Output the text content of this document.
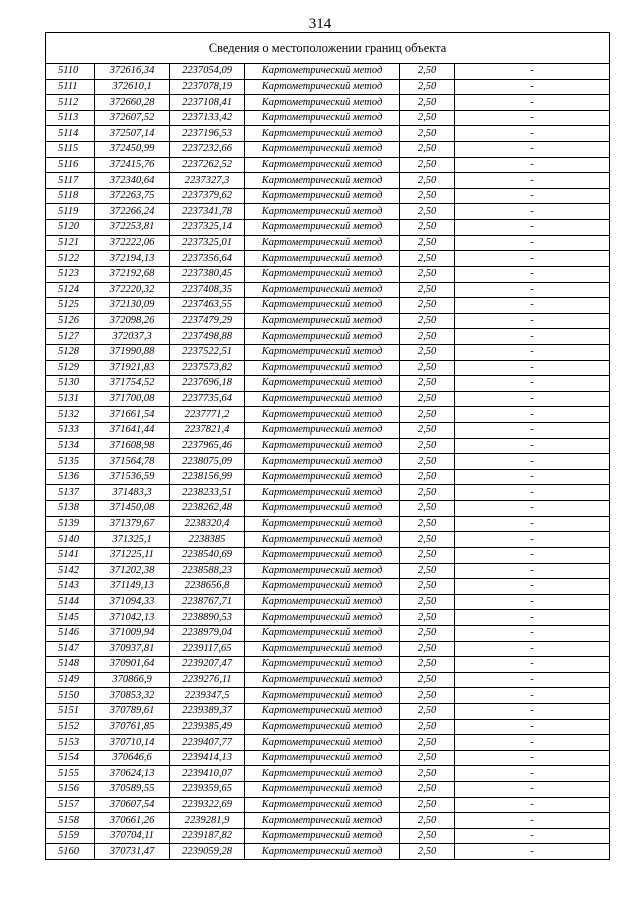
314
Сведения о местоположении границ объекта					
5110	372616,34	2237054,09	Картометрический метод	2,50	-
5111	372610,1	2237078,19	Картометрический метод	2,50	-
5112	372660,28	2237108,41	Картометрический метод	2,50	-
5113	372607,52	2237133,42	Картометрический метод	2,50	-
5114	372507,14	2237196,53	Картометрический метод	2,50	-
5115	372450,99	2237232,66	Картометрический метод	2,50	-
5116	372415,76	2237262,52	Картометрический метод	2,50	-
5117	372340,64	2237327,3	Картометрический метод	2,50	-
5118	372263,75	2237379,62	Картометрический метод	2,50	-
5119	372266,24	2237341,78	Картометрический метод	2,50	-
5120	372253,81	2237325,14	Картометрический метод	2,50	-
5121	372222,06	2237325,01	Картометрический метод	2,50	-
5122	372194,13	2237356,64	Картометрический метод	2,50	-
5123	372192,68	2237380,45	Картометрический метод	2,50	-
5124	372220,32	2237408,35	Картометрический метод	2,50	-
5125	372130,09	2237463,55	Картометрический метод	2,50	-
5126	372098,26	2237479,29	Картометрический метод	2,50	-
5127	372037,3	2237498,88	Картометрический метод	2,50	-
5128	371990,88	2237522,51	Картометрический метод	2,50	-
5129	371921,83	2237573,82	Картометрический метод	2,50	-
5130	371754,52	2237696,18	Картометрический метод	2,50	-
5131	371700,08	2237735,64	Картометрический метод	2,50	-
5132	371661,54	2237771,2	Картометрический метод	2,50	-
5133	371641,44	2237821,4	Картометрический метод	2,50	-
5134	371608,98	2237965,46	Картометрический метод	2,50	-
5135	371564,78	2238075,09	Картометрический метод	2,50	-
5136	371536,59	2238156,99	Картометрический метод	2,50	-
5137	371483,3	2238233,51	Картометрический метод	2,50	-
5138	371450,08	2238262,48	Картометрический метод	2,50	-
5139	371379,67	2238320,4	Картометрический метод	2,50	-
5140	371325,1	2238385	Картометрический метод	2,50	-
5141	371225,11	2238540,69	Картометрический метод	2,50	-
5142	371202,38	2238588,23	Картометрический метод	2,50	-
5143	371149,13	2238656,8	Картометрический метод	2,50	-
5144	371094,33	2238767,71	Картометрический метод	2,50	-
5145	371042,13	2238890,53	Картометрический метод	2,50	-
5146	371009,94	2238979,04	Картометрический метод	2,50	-
5147	370937,81	2239117,65	Картометрический метод	2,50	-
5148	370901,64	2239207,47	Картометрический метод	2,50	-
5149	370866,9	2239276,11	Картометрический метод	2,50	-
5150	370853,32	2239347,5	Картометрический метод	2,50	-
5151	370789,61	2239389,37	Картометрический метод	2,50	-
5152	370761,85	2239385,49	Картометрический метод	2,50	-
5153	370710,14	2239407,77	Картометрический метод	2,50	-
5154	370646,6	2239414,13	Картометрический метод	2,50	-
5155	370624,13	2239410,07	Картометрический метод	2,50	-
5156	370589,55	2239359,65	Картометрический метод	2,50	-
5157	370607,54	2239322,69	Картометрический метод	2,50	-
5158	370661,26	2239281,9	Картометрический метод	2,50	-
5159	370704,11	2239187,82	Картометрический метод	2,50	-
5160	370731,47	2239059,28	Картометрический метод	2,50	-
